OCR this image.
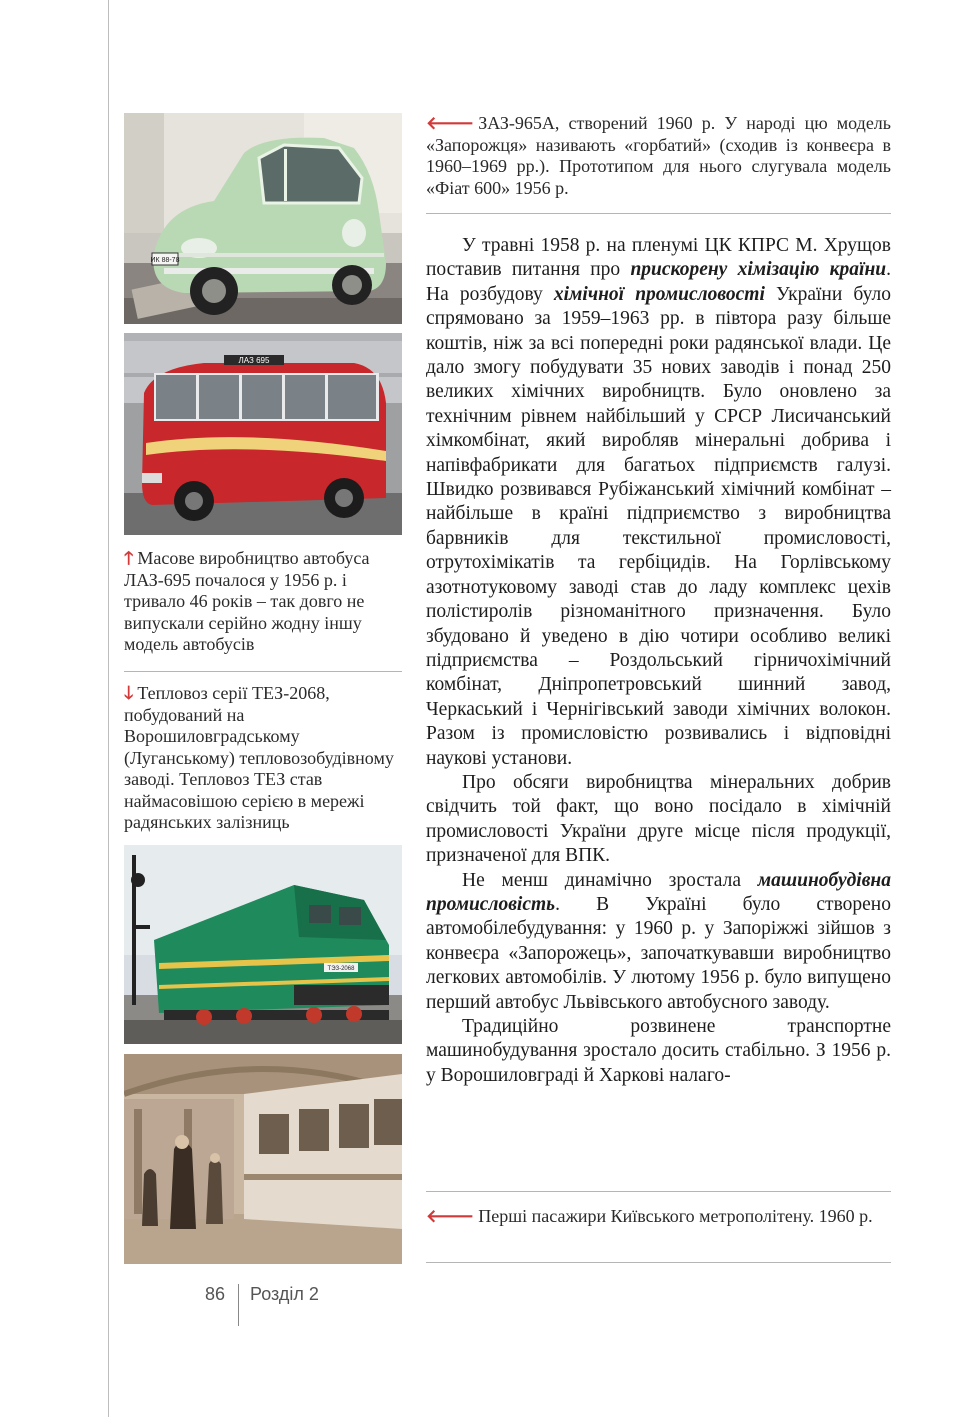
ИК 88-78
ЛАЗ 695
🡑 Масове виробництво автобуса ЛАЗ-695 почалося у 1956 р. і тривало 46 років – так довго не випускали серійно жодну іншу модель автобусів
🡓 Тепловоз серії ТЕЗ-2068, побудований на Ворошиловградському (Луганському) тепловозобудівному заводі. Тепловоз ТЕЗ став наймасовішою серією в мережі радянських залізниць
ТЭЗ-2068
🡐 ЗАЗ-965А, створений 1960 р. У народі цю модель «Запорожця» називають «горбатий» (сходив із конвеєра в 1960–1969 рр.). Прототипом для нього слугувала модель «Фіат 600» 1956 р.

У травні 1958 р. на пленумі ЦК КПРС М. Хрущов поставив питання про прискорену хімізацію країни. На розбудову хімічної промисловості України було спрямовано за 1959–1963 рр. в півтора разу більше коштів, ніж за всі попередні роки радянської влади. Це дало змогу побудувати 35 нових заводів і понад 250 великих хімічних виробництв. Було оновлено за технічним рівнем найбільший у СРСР Лисичанський хімкомбінат, який виробляв мінеральні добрива і напівфабрикати для багатьох підприємств галузі. Швидко розвивався Рубіжанський хімічний комбінат – найбільше в країні підприємство з виробництва барвників для текстильної промисловості, отрутохімікатів та гербіцидів. На Горлівському азотнотуковому заводі став до ладу комплекс цехів полістиролів різноманітного призначення. Було збудовано й уведено в дію чотири особливо великі підприємства – Роздольський гірничохімічний комбінат, Дніпропетровський шинний завод, Черкаський і Чернігівський заводи хімічних волокон. Разом із промисловістю розвивались і відповідні наукові установи.

Про обсяги виробництва мінеральних добрив свідчить той факт, що воно посідало в хімічній промисловості України друге місце після продукції, призначеної для ВПК.

Не менш динамічно зростала машинобудівна промисловість. В Україні було створено автомобілебудування: у 1960 р. у Запоріжжі зійшов з конвеєра «Запорожець», започаткувавши виробництво легкових автомобілів. У лютому 1956 р. було випущено перший автобус Львівського автобусного заводу.

Традиційно розвинене транспортне машинобудування зростало досить стабільно. З 1956 р. у Ворошиловграді й Харкові налаго-

🡐 Перші пасажири Київського метрополітену. 1960 р.
86 Розділ 2
